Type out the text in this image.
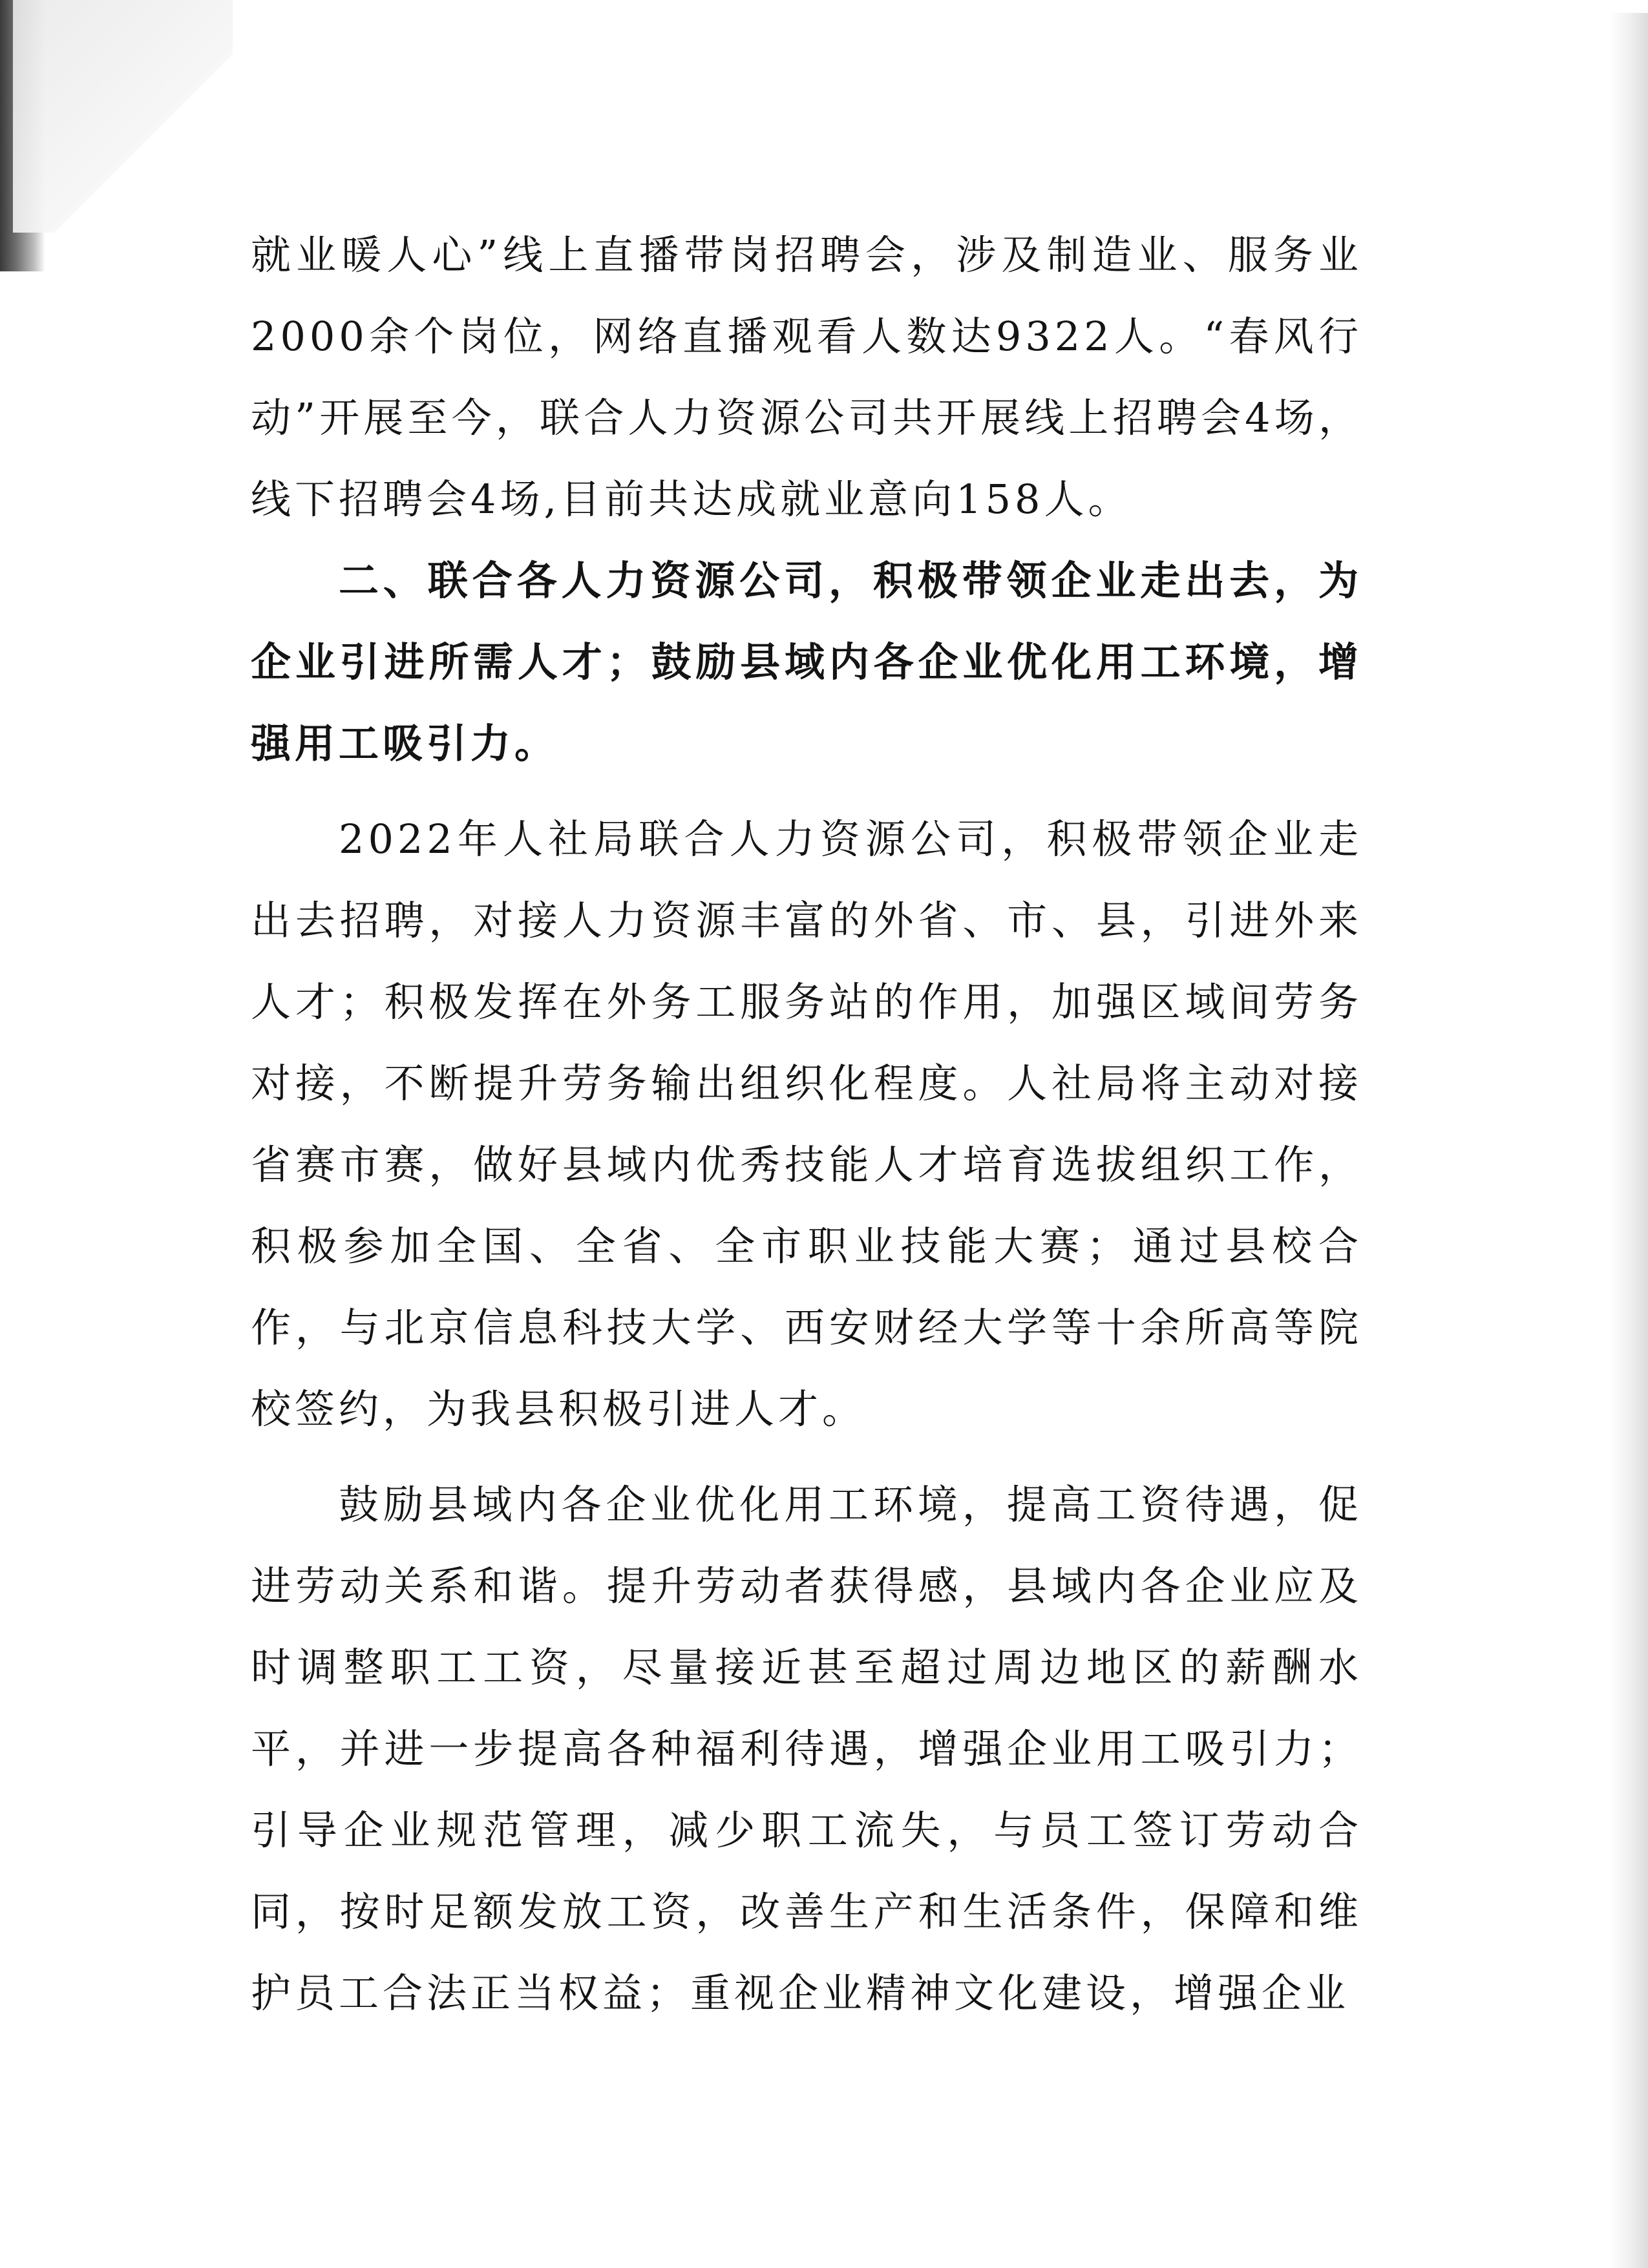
就业暖人心”线上直播带岗招聘会，涉及制造业、服务业2000余个岗位，网络直播观看人数达9322人。“春风行动”开展至今，联合人力资源公司共开展线上招聘会4场，线下招聘会4场,目前共达成就业意向158人。

二、联合各人力资源公司，积极带领企业走出去，为企业引进所需人才；鼓励县域内各企业优化用工环境，增强用工吸引力。

2022年人社局联合人力资源公司，积极带领企业走出去招聘，对接人力资源丰富的外省、市、县，引进外来人才；积极发挥在外务工服务站的作用，加强区域间劳务对接，不断提升劳务输出组织化程度。人社局将主动对接省赛市赛，做好县域内优秀技能人才培育选拔组织工作，积极参加全国、全省、全市职业技能大赛；通过县校合作，与北京信息科技大学、西安财经大学等十余所高等院校签约，为我县积极引进人才。

鼓励县域内各企业优化用工环境，提高工资待遇，促进劳动关系和谐。提升劳动者获得感，县域内各企业应及时调整职工工资，尽量接近甚至超过周边地区的薪酬水平，并进一步提高各种福利待遇，增强企业用工吸引力；引导企业规范管理，减少职工流失，与员工签订劳动合同，按时足额发放工资，改善生产和生活条件，保障和维护员工合法正当权益；重视企业精神文化建设，增强企业
